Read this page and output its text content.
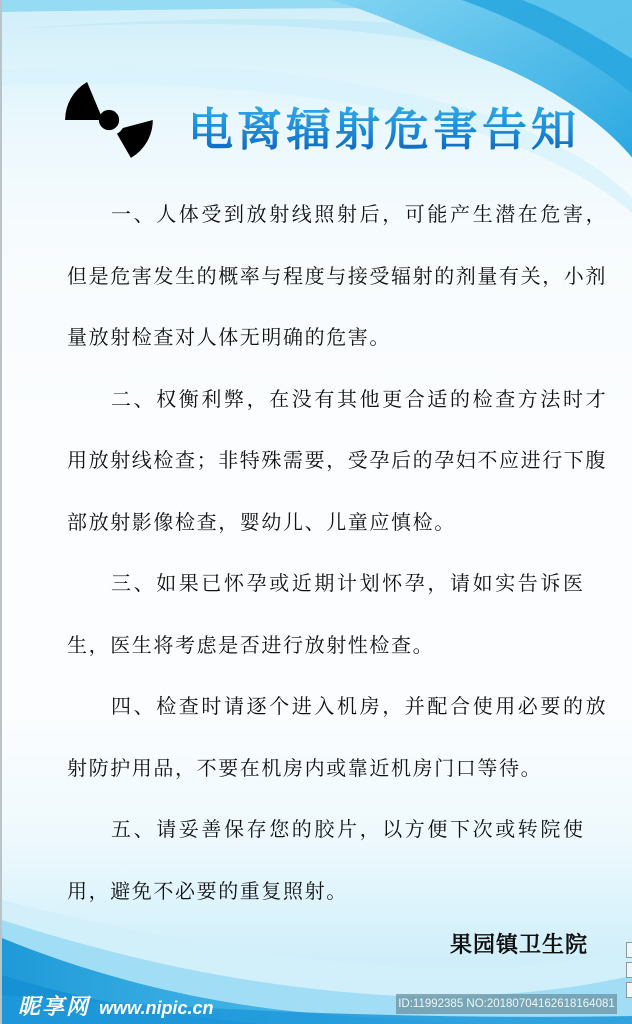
电离辐射危害告知
一、人体受到放射线照射后，可能产生潜在危害，
但是危害发生的概率与程度与接受辐射的剂量有关，小剂
量放射检查对人体无明确的危害。
二、权衡利弊，在没有其他更合适的检查方法时才
用放射线检查；非特殊需要，受孕后的孕妇不应进行下腹
部放射影像检查，婴幼儿、儿童应慎检。
三、如果已怀孕或近期计划怀孕，请如实告诉医
生，医生将考虑是否进行放射性检查。
四、检查时请逐个进入机房，并配合使用必要的放
射防护用品，不要在机房内或靠近机房门口等待。
五、请妥善保存您的胶片，以方便下次或转院使
用，避免不必要的重复照射。
果园镇卫生院
昵享网 www.nipic.cn	ID:11992385 NO:20180704162618164081
